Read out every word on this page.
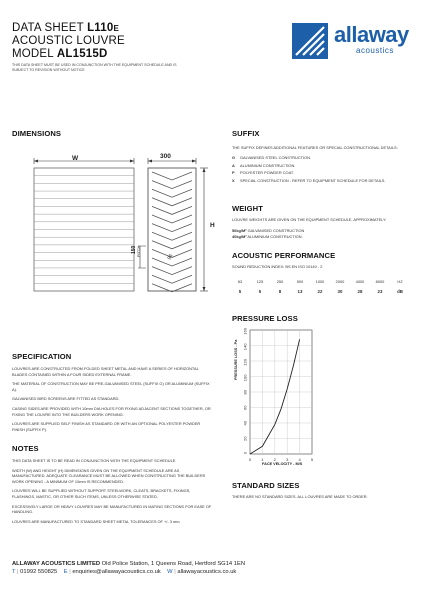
DATA SHEET L110E
ACOUSTIC LOUVRE
MODEL AL1515D
THIS DATA SHEET MUST BE USED IN CONJUNCTION WITH THE EQUIPMENT SCHEDULE AND IS SUBJECT TO REVISION WITHOUT NOTICE
allaway
acoustics
DIMENSIONS
96
W	300
H
150 PITCH
SUFFIX
THE SUFFIX DEFINES ADDITIONAL FEATURES OR SPECIAL CONSTRUCTIONAL DETAILS:
G	GALVANISED STEEL CONSTRUCTION.
A	ALUMINIUM CONSTRUCTION.
P	POLYESTER POWDER COAT.
X	SPECIAL CONSTRUCTION - REFER TO EQUIPMENT SCHEDULE FOR DETAILS.
WEIGHT
LOUVRE WEIGHTS ARE GIVEN ON THE EQUIPMENT SCHEDULE, APPROXIMATELY:
56kg/M² GALVANISED CONSTRUCTION
40kg/M² ALUMINIUM CONSTRUCTION.
ACOUSTIC PERFORMANCE
SOUND REDUCTION INDEX: BS EN ISO 10140 - 2
63	125	250	500	1000	2000	4000	8000	HZ
5	5	8	13	22	30	28	23	dB
PRESSURE LOSS
0
20
40
60
80
100
120
140
160
0	1	2	3	4	5
PRESSURE LOSS - Pa
FACE VELOCITY - M/S
SPECIFICATION

LOUVRES ARE CONSTRUCTED FROM FOLDED SHEET METAL AND HAVE A SERIES OF HORIZONTAL BLADES CONTAINED WITHIN A FOUR SIDED EXTERNAL FRAME.

THE MATERIAL OF CONSTRUCTION MAY BE PRE-GALVANISED STEEL (SUFFIX G) OR ALUMINIUM (SUFFIX A).

GALVANISED BIRD SCREENS ARE FITTED AS STANDARD.

CASING SIDES ARE PROVIDED WITH 10mm DIA HOLES FOR FIXING ADJACENT SECTIONS TOGETHER, OR FIXING THE LOUVRE INTO THE BUILDERS WORK OPENING.

LOUVRES ARE SUPPLIED SELF FINISH AS STANDARD OR WITH AN OPTIONAL POLYESTER POWDER FINISH (SUFFIX P).

NOTES

THIS DATA SHEET IS TO BE READ IN CONJUNCTION WITH THE EQUIPMENT SCHEDULE.

WIDTH (W) AND HEIGHT (H) DIMENSIONS GIVEN ON THE EQUIPMENT SCHEDULE ARE AS MANUFACTURED. ADEQUATE CLEARANCE MUST BE ALLOWED WHEN CONSTRUCTING THE BUILDERS WORK OPENING - A MINIMUM OF 10mm IS RECOMMENDED.

LOUVRES WILL BE SUPPLIED WITHOUT SUPPORT STEELWORK, CLEATS, BRACKETS, FIXINGS, FLASHINGS, MASTIC, OR OTHER SUCH ITEMS, UNLESS OTHERWISE STATED.

EXCESSIVELY LARGE OR HEAVY LOUVRES MAY BE MANUFACTURED IN MATING SECTIONS FOR EASE OF HANDLING.

LOUVRES ARE MANUFACTURED TO STANDARD SHEET METAL TOLERANCES OF +/- 3 mm.

STANDARD SIZES
THERE ARE NO STANDARD SIZES. ALL LOUVRES ARE MADE TO ORDER.
ALLAWAY ACOUSTICS LIMITED Old Police Station, 1 Queens Road, Hertford SG14 1EN
T | 01992 550825 E | enquiries@allawayacoustics.co.uk W | allawayacoustics.co.uk
